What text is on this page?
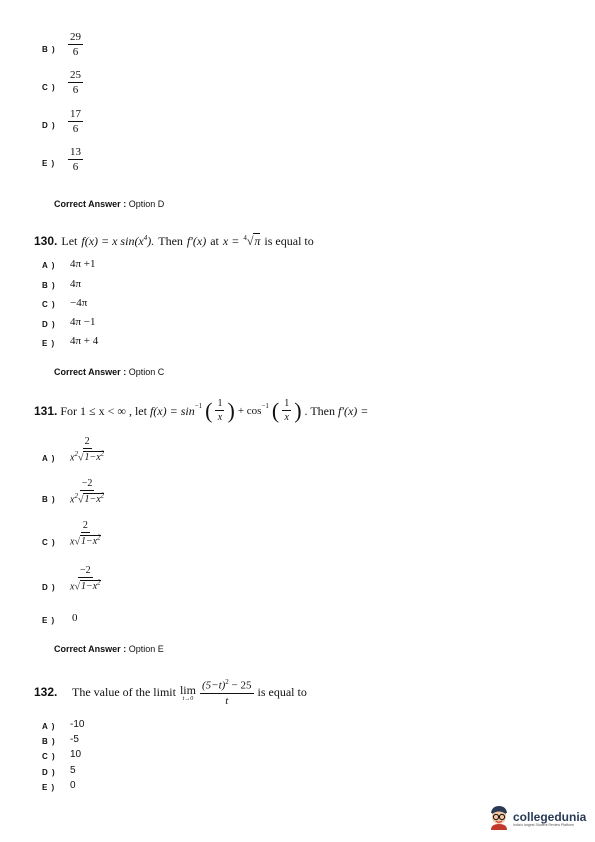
B ) $\frac{29}{6}$
C ) $\frac{25}{6}$
D ) $\frac{17}{6}$
E ) $\frac{13}{6}$
Correct Answer : Option D
130. Let f(x) = x $\sin(x^4)$. Then f′(x) at x = $^4$√π is equal to
A ) 4π +1
B ) 4π
C ) −4π
D ) 4π −1
E ) 4π + 4
Correct Answer : Option C
131. For 1 ≤ x < ∞ , let $f(x) = \sin^{-1}$ ( $\frac{1}{x}$ ) + $\cos^{-1}$ ( $\frac{1}{x}$ ) . Then f′(x) =
A ) $\frac{2}{x^2√1-x^2}$
B ) $\frac{-2}{x^2√1-x^2}$
C ) $\frac{2}{x√1-x^2}$
D ) $\frac{-2}{x√1-x^2}$
E ) 0
Correct Answer : Option E
132. The value of the limit lim
$t\to 0 \frac{(5-t)^2 - 25}{t}$ is equal to
A ) -10
B ) -5
C ) 10
D ) 5
E ) 0
collegedunia
India's largest Student Review Platform
